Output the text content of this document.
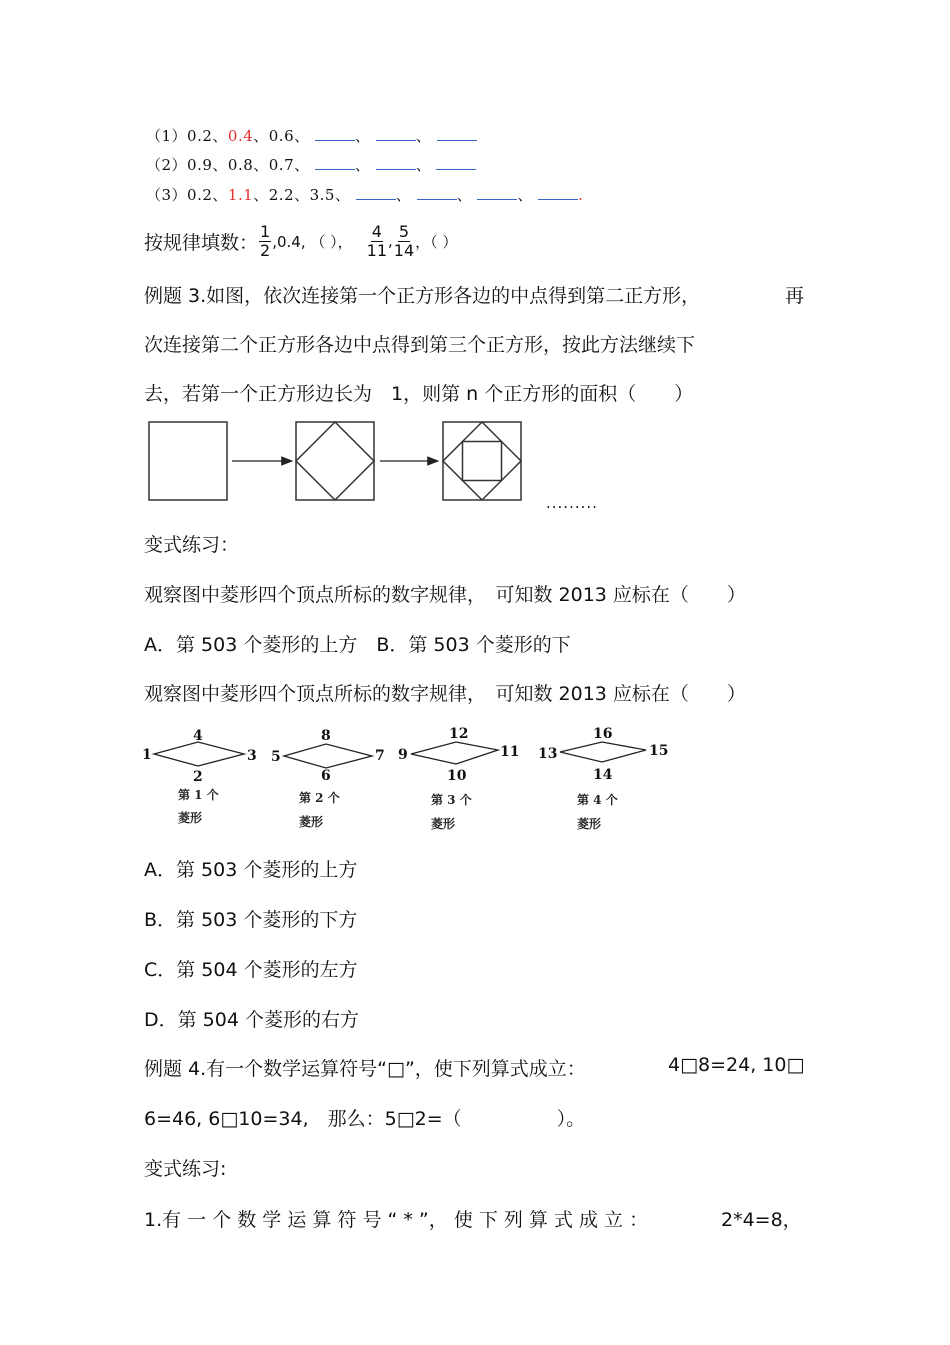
（1）0.2、0.4、0.6、	、	、
（2）0.9、0.8、0.7、	、	、
（3）0.2、1.1、2.2、3.5、	、	、	、	.
按规律填数： $\frac{1}{2} ,0.4$, （ ）， $\frac{4}{11}$ , $\frac{5}{14}$ ，（ ）
例题 3.如图，依次连接第一个正方形各边的中点得到第二正方形，	再
次连接第二个正方形各边中点得到第三个正方形，按此方法继续下
去，若第一个正方形边长为　1，则第 n 个正方形的面积（　　）
.........
变式练习：
观察图中菱形四个顶点所标的数字规律，　可知数 2013 应标在（　　）
A．第 503 个菱形的上方　B．第 503 个菱形的下
观察图中菱形四个顶点所标的数字规律，　可知数 2013 应标在（　　）
1
4
3
2
5
8
7
6
9
12
11
10
13
16
15
14
第 1 个
菱形
第 2 个
菱形
第 3 个
菱形
第 4 个
菱形
A．第 503 个菱形的上方
B．第 503 个菱形的下方
C．第 504 个菱形的左方
D．第 504 个菱形的右方
例题 4.有一个数学运算符号“□”，使下列算式成立：	4□8=24, 10□
6=46, 6□10=34,　那么：5□2=（　　　　　）。
变式练习:
1.有 一 个 数 学 运 算 符 号 “ * ”， 使 下 列 算 式 成 立 ：	2*4=8，
